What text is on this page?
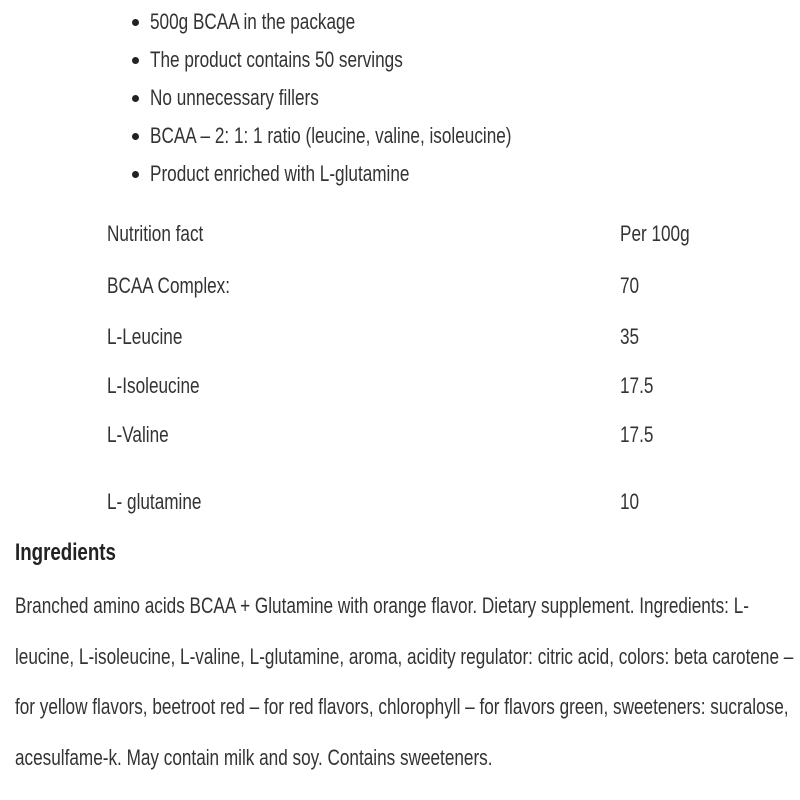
500g BCAA in the package
The product contains 50 servings
No unnecessary fillers
BCAA – 2: 1: 1 ratio (leucine, valine, isoleucine)
Product enriched with L-glutamine
Nutrition fact	Per 100g
BCAA Complex:	70
L-Leucine	35
L-Isoleucine	17.5
L-Valine	17.5
L- glutamine	10
Ingredients
Branched amino acids BCAA + Glutamine with orange flavor. Dietary supplement. Ingredients: L-
leucine, L-isoleucine, L-valine, L-glutamine, aroma, acidity regulator: citric acid, colors: beta carotene –
for yellow flavors, beetroot red – for red flavors, chlorophyll – for flavors green, sweeteners: sucralose,
acesulfame-k. May contain milk and soy. Contains sweeteners.
